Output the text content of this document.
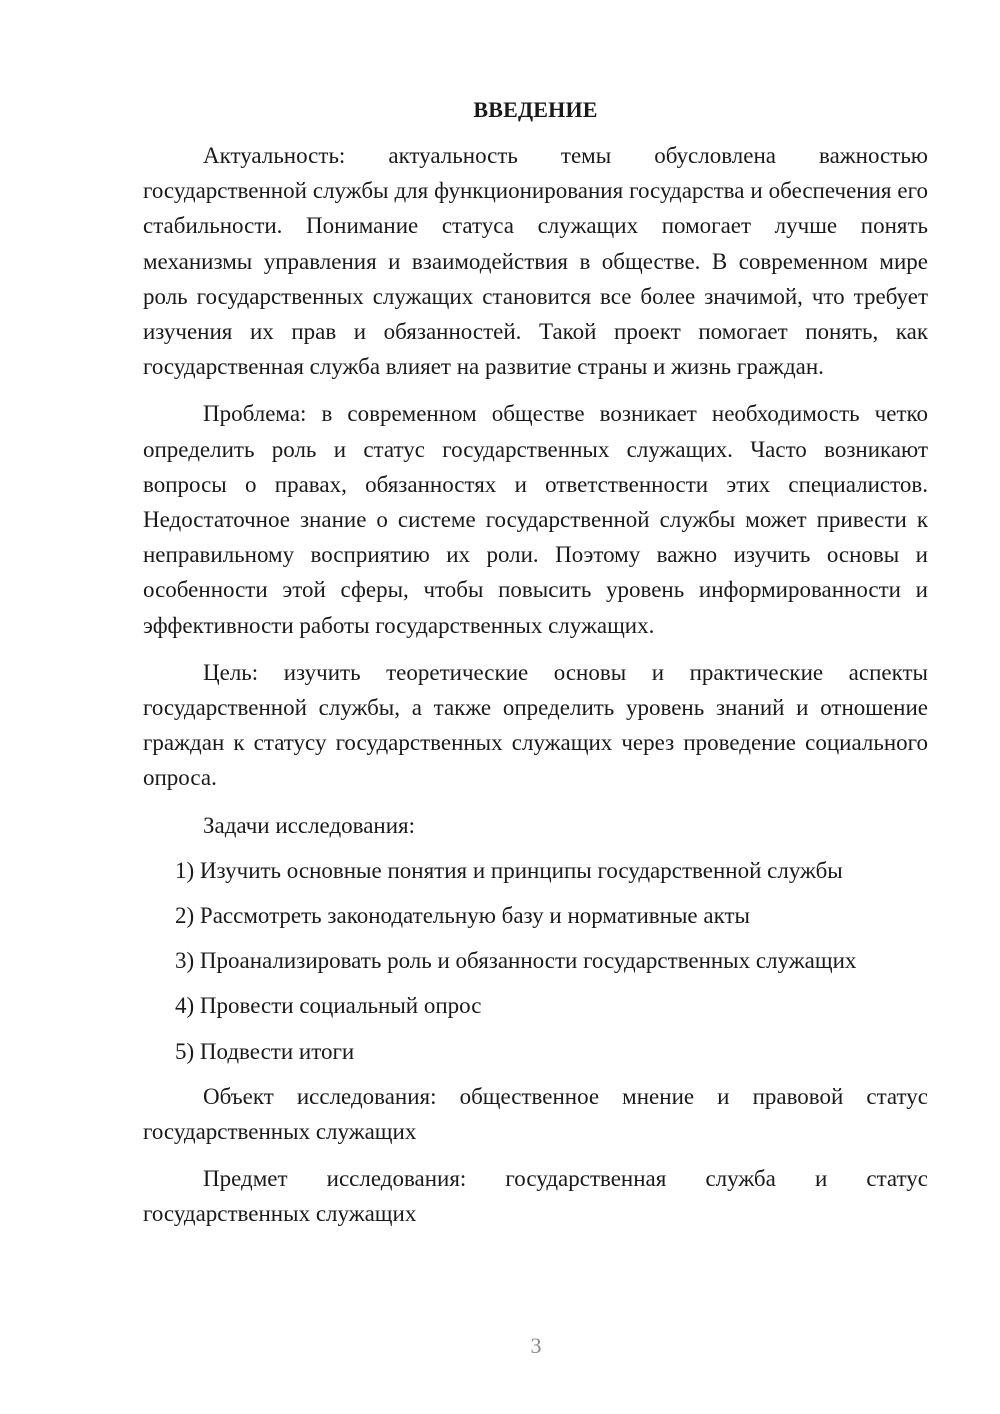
ВВЕДЕНИЕ

Актуальность: актуальность темы обусловлена важностью государственной службы для функционирования государства и обеспечения его стабильности. Понимание статуса служащих помогает лучше понять механизмы управления и взаимодействия в обществе. В современном мире роль государственных служащих становится все более значимой, что требует изучения их прав и обязанностей. Такой проект помогает понять, как государственная служба влияет на развитие страны и жизнь граждан.

Проблема: в современном обществе возникает необходимость четко определить роль и статус государственных служащих. Часто возникают вопросы о правах, обязанностях и ответственности этих специалистов. Недостаточное знание о системе государственной службы может привести к неправильному восприятию их роли. Поэтому важно изучить основы и особенности этой сферы, чтобы повысить уровень информированности и эффективности работы государственных служащих.

Цель: изучить теоретические основы и практические аспекты государственной службы, а также определить уровень знаний и отношение граждан к статусу государственных служащих через проведение социального опроса.

Задачи исследования:

1) Изучить основные понятия и принципы государственной службы
2) Рассмотреть законодательную базу и нормативные акты
3) Проанализировать роль и обязанности государственных служащих
4) Провести социальный опрос
5) Подвести итоги

Объект исследования: общественное мнение и правовой статус государственных служащих

Предмет исследования: государственная служба и статус государственных служащих

3
